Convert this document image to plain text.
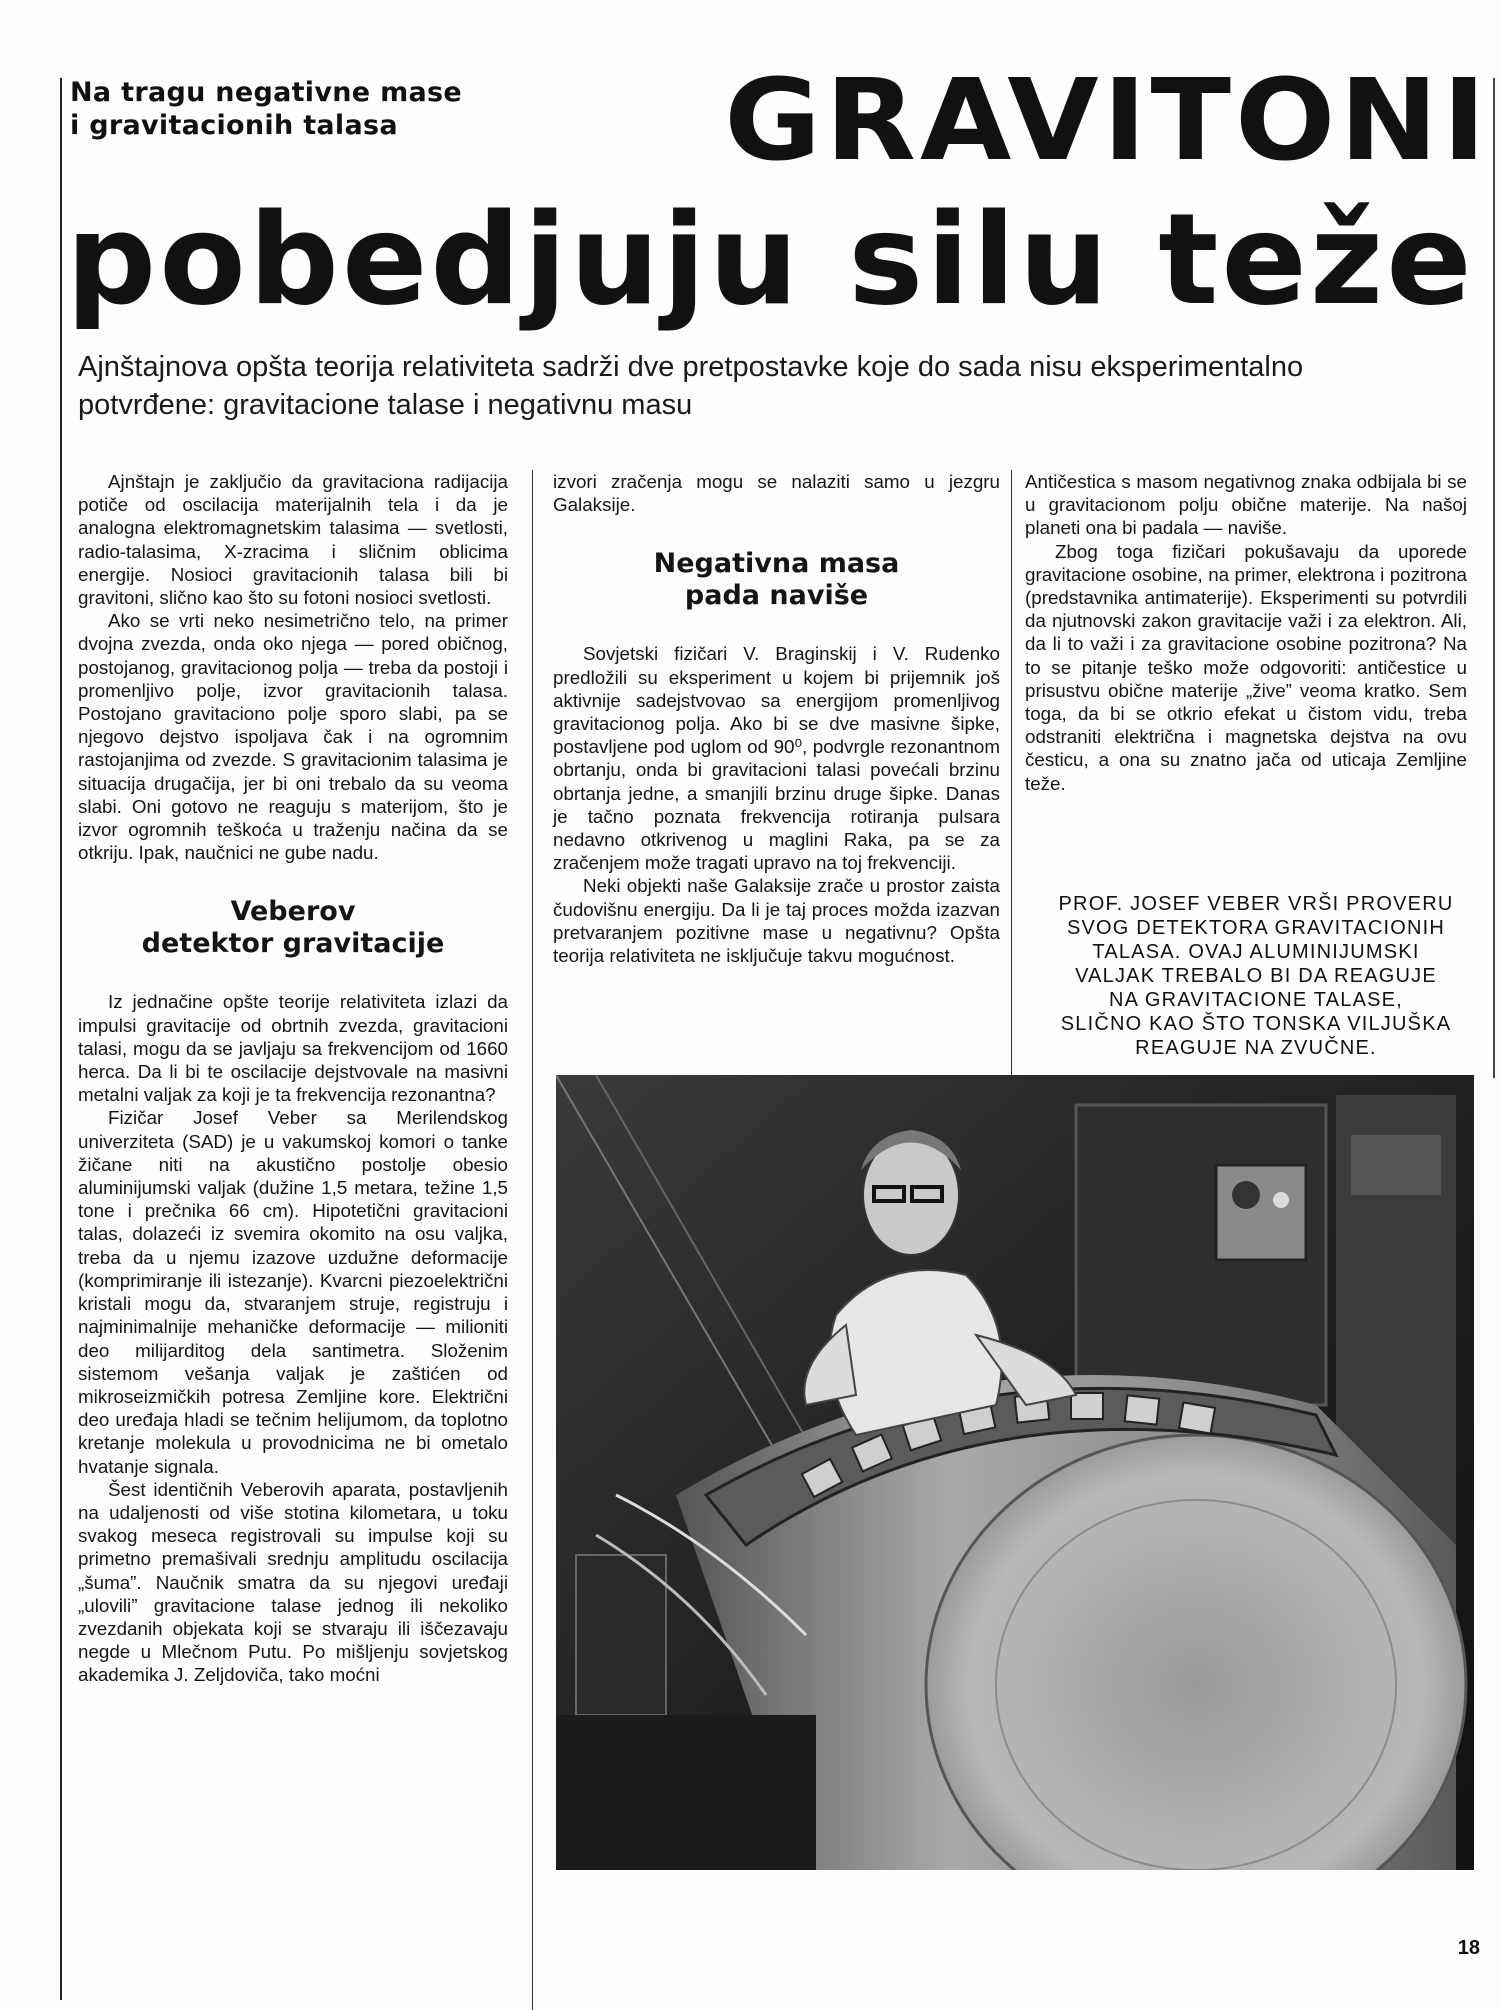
Na tragu negativne mase
i gravitacionih talasa	GRAVITONI
pobedjuju silu teže
Ajnštajnova opšta teorija relativiteta sadrži dve pretpostavke koje do sada nisu eksperimentalno
potvrđene: gravitacione talase i negativnu masu

Ajnštajn je zaključio da gravitaciona radijacija potiče od oscilacija materijalnih tela i da je analogna elektromagnetskim talasima — svetlosti, radio-talasima, X-zracima i sličnim oblicima energije. Nosioci gravitacionih talasa bili bi gravitoni, slično kao što su fotoni nosioci svetlosti.

Ako se vrti neko nesimetrično telo, na primer dvojna zvezda, onda oko njega — pored običnog, postojanog, gravitacionog polja — treba da postoji i promenljivo polje, izvor gravitacionih talasa. Postojano gravitaciono polje sporo slabi, pa se njegovo dejstvo ispoljava čak i na ogromnim rastojanjima od zvezde. S gravitacionim talasima je situacija drugačija, jer bi oni trebalo da su veoma slabi. Oni gotovo ne reaguju s materijom, što je izvor ogromnih teškoća u traženju načina da se otkriju. Ipak, naučnici ne gube nadu.

Veberov
detektor gravitacije

Iz jednačine opšte teorije relativiteta izlazi da impulsi gravitacije od obrtnih zvezda, gravitacioni talasi, mogu da se javljaju sa frekvencijom od 1660 herca. Da li bi te oscilacije dejstvovale na masivni metalni valjak za koji je ta frekvencija rezonantna?

Fizičar Josef Veber sa Merilendskog univerziteta (SAD) je u vakumskoj komori o tanke žičane niti na akustično postolje obesio aluminijumski valjak (dužine 1,5 metara, težine 1,5 tone i prečnika 66 cm). Hipotetični gravitacioni talas, dolazeći iz svemira okomito na osu valjka, treba da u njemu izazove uzdužne deformacije (komprimiranje ili istezanje). Kvarcni piezoelektrični kristali mogu da, stvaranjem struje, registruju i najminimalnije mehaničke deformacije — milioniti deo milijarditog dela santimetra. Složenim sistemom vešanja valjak je zaštićen od mikroseizmičkih potresa Zemljine kore. Električni deo uređaja hladi se tečnim helijumom, da toplotno kretanje molekula u provodnicima ne bi ometalo hvatanje signala.

Šest identičnih Veberovih aparata, postavljenih na udaljenosti od više stotina kilometara, u toku svakog meseca registrovali su impulse koji su primetno premašivali srednju amplitudu oscilacija „šuma”. Naučnik smatra da su njegovi uređaji „ulovili” gravitacione talase jednog ili nekoliko zvezdanih objekata koji se stvaraju ili iščezavaju negde u Mlečnom Putu. Po mišljenju sovjetskog akademika J. Zeljdoviča, tako moćni

izvori zračenja mogu se nalaziti samo u jezgru Galaksije.

Negativna masa
pada naviše

Sovjetski fizičari V. Braginskij i V. Rudenko predložili su eksperiment u kojem bi prijemnik još aktivnije sadejstvovao sa energijom promenljivog gravitacionog polja. Ako bi se dve masivne šipke, postavljene pod uglom od 90⁰, podvrgle rezonantnom obrtanju, onda bi gravitacioni talasi povećali brzinu obrtanja jedne, a smanjili brzinu druge šipke. Danas je tačno poznata frekvencija rotiranja pulsara nedavno otkrivenog u maglini Raka, pa se za zračenjem može tragati upravo na toj frekvenciji.

Neki objekti naše Galaksije zrače u prostor zaista čudovišnu energiju. Da li je taj proces možda izazvan pretvaranjem pozitivne mase u negativnu? Opšta teorija relativiteta ne isključuje takvu mogućnost.

Antičestica s masom negativnog znaka odbijala bi se u gravitacionom polju obične materije. Na našoj planeti ona bi padala — naviše.

Zbog toga fizičari pokušavaju da uporede gravitacione osobine, na primer, elektrona i pozitrona (predstavnika antimaterije). Eksperimenti su potvrdili da njutnovski zakon gravitacije važi i za elektron. Ali, da li to važi i za gravitacione osobine pozitrona? Na to se pitanje teško može odgovoriti: antičestice u prisustvu obične materije „žive” veoma kratko. Sem toga, da bi se otkrio efekat u čistom vidu, treba odstraniti električna i magnetska dejstva na ovu česticu, a ona su znatno jača od uticaja Zemljine teže.

PROF. JOSEF VEBER VRŠI PROVERU
SVOG DETEKTORA GRAVITACIONIH
TALASA. OVAJ ALUMINIJUMSKI
VALJAK TREBALO BI DA REAGUJE
NA GRAVITACIONE TALASE,
SLIČNO KAO ŠTO TONSKA VILJUŠKA
REAGUJE NA ZVUČNE.
18
